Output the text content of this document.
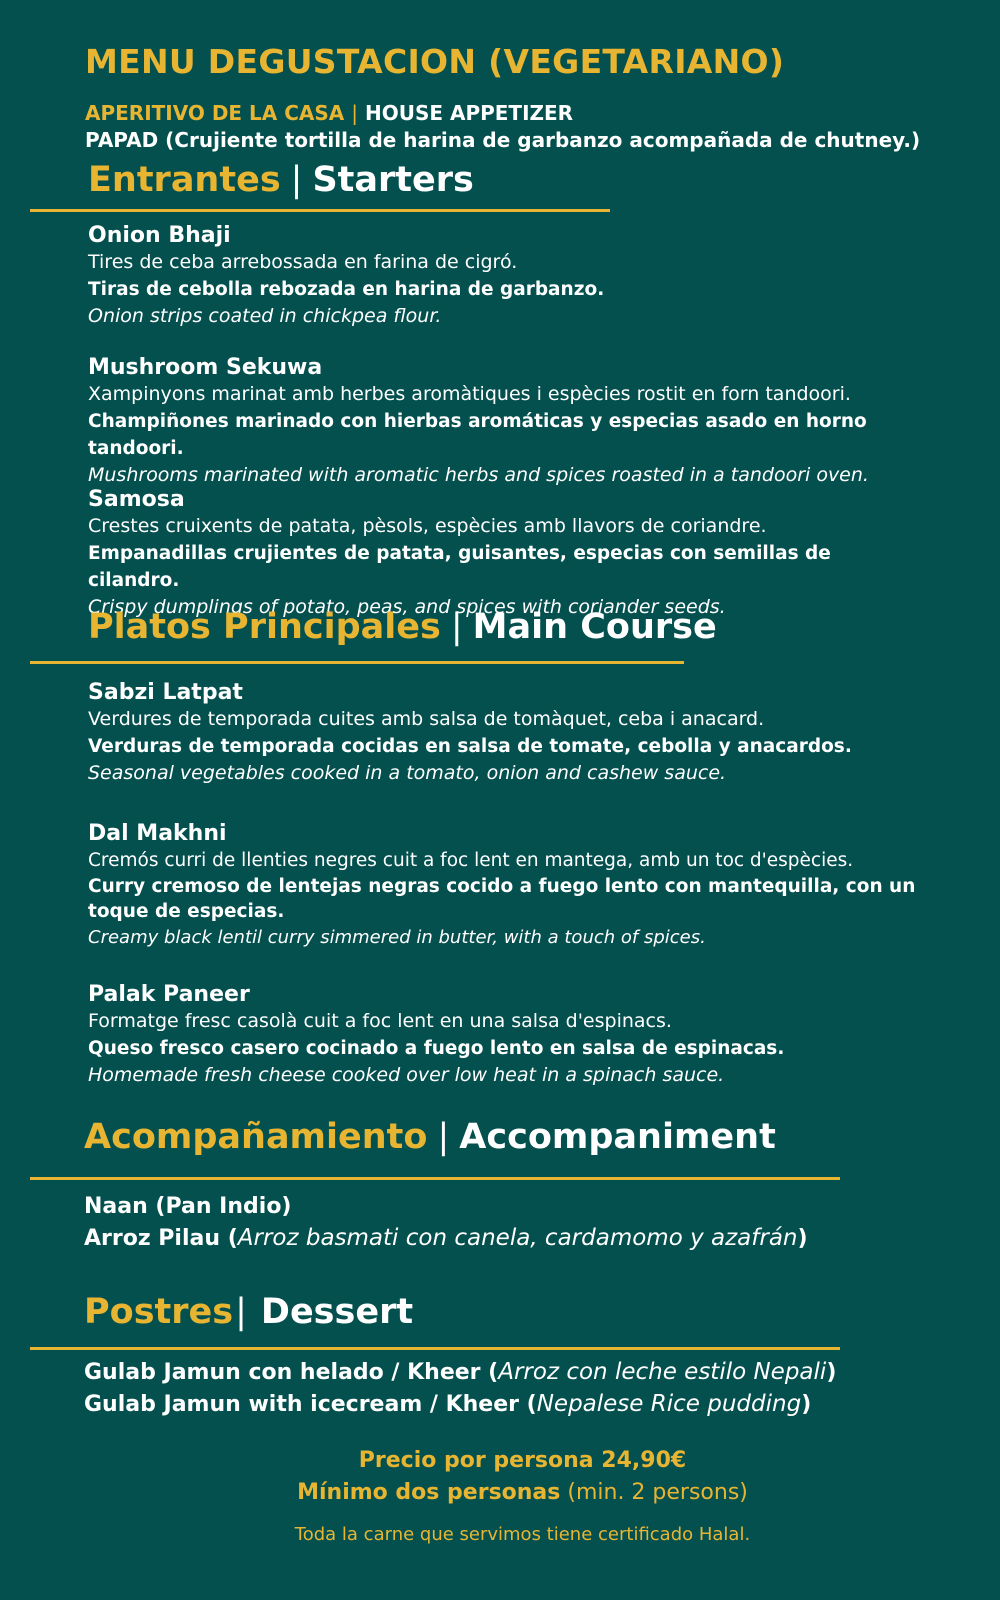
MENU DEGUSTACION (VEGETARIANO)
APERITIVO DE LA CASA | HOUSE APPETIZER
PAPAD (Crujiente tortilla de harina de garbanzo acompañada de chutney.)
Entrantes | Starters
Onion Bhaji
Tires de ceba arrebossada en farina de cigró.
Tiras de cebolla rebozada en harina de garbanzo.
Onion strips coated in chickpea flour.
Mushroom Sekuwa
Xampinyons marinat amb herbes aromàtiques i espècies rostit en forn tandoori.
Champiñones marinado con hierbas aromáticas y especias asado en horno tandoori.
Mushrooms marinated with aromatic herbs and spices roasted in a tandoori oven.
Samosa
Crestes cruixents de patata, pèsols, espècies amb llavors de coriandre.
Empanadillas crujientes de patata, guisantes, especias con semillas de cilandro.
Crispy dumplings of potato, peas, and spices with coriander seeds.
Platos Principales | Main Course
Sabzi Latpat
Verdures de temporada cuites amb salsa de tomàquet, ceba i anacard.
Verduras de temporada cocidas en salsa de tomate, cebolla y anacardos.
Seasonal vegetables cooked in a tomato, onion and cashew sauce.
Dal Makhni
Cremós curri de llenties negres cuit a foc lent en mantega, amb un toc d'espècies.
Curry cremoso de lentejas negras cocido a fuego lento con mantequilla, con un toque de especias.
Creamy black lentil curry simmered in butter, with a touch of spices.
Palak Paneer
Formatge fresc casolà cuit a foc lent en una salsa d'espinacs.
Queso fresco casero cocinado a fuego lento en salsa de espinacas.
Homemade fresh cheese cooked over low heat in a spinach sauce.
Acompañamiento | Accompaniment
Naan (Pan Indio)
Arroz Pilau (Arroz basmati con canela, cardamomo y azafrán)
Postres| Dessert
Gulab Jamun con helado / Kheer (Arroz con leche estilo Nepali)
Gulab Jamun with icecream / Kheer (Nepalese Rice pudding)
Precio por persona 24,90€
Mínimo dos personas (min. 2 persons)
Toda la carne que servimos tiene certificado Halal.
